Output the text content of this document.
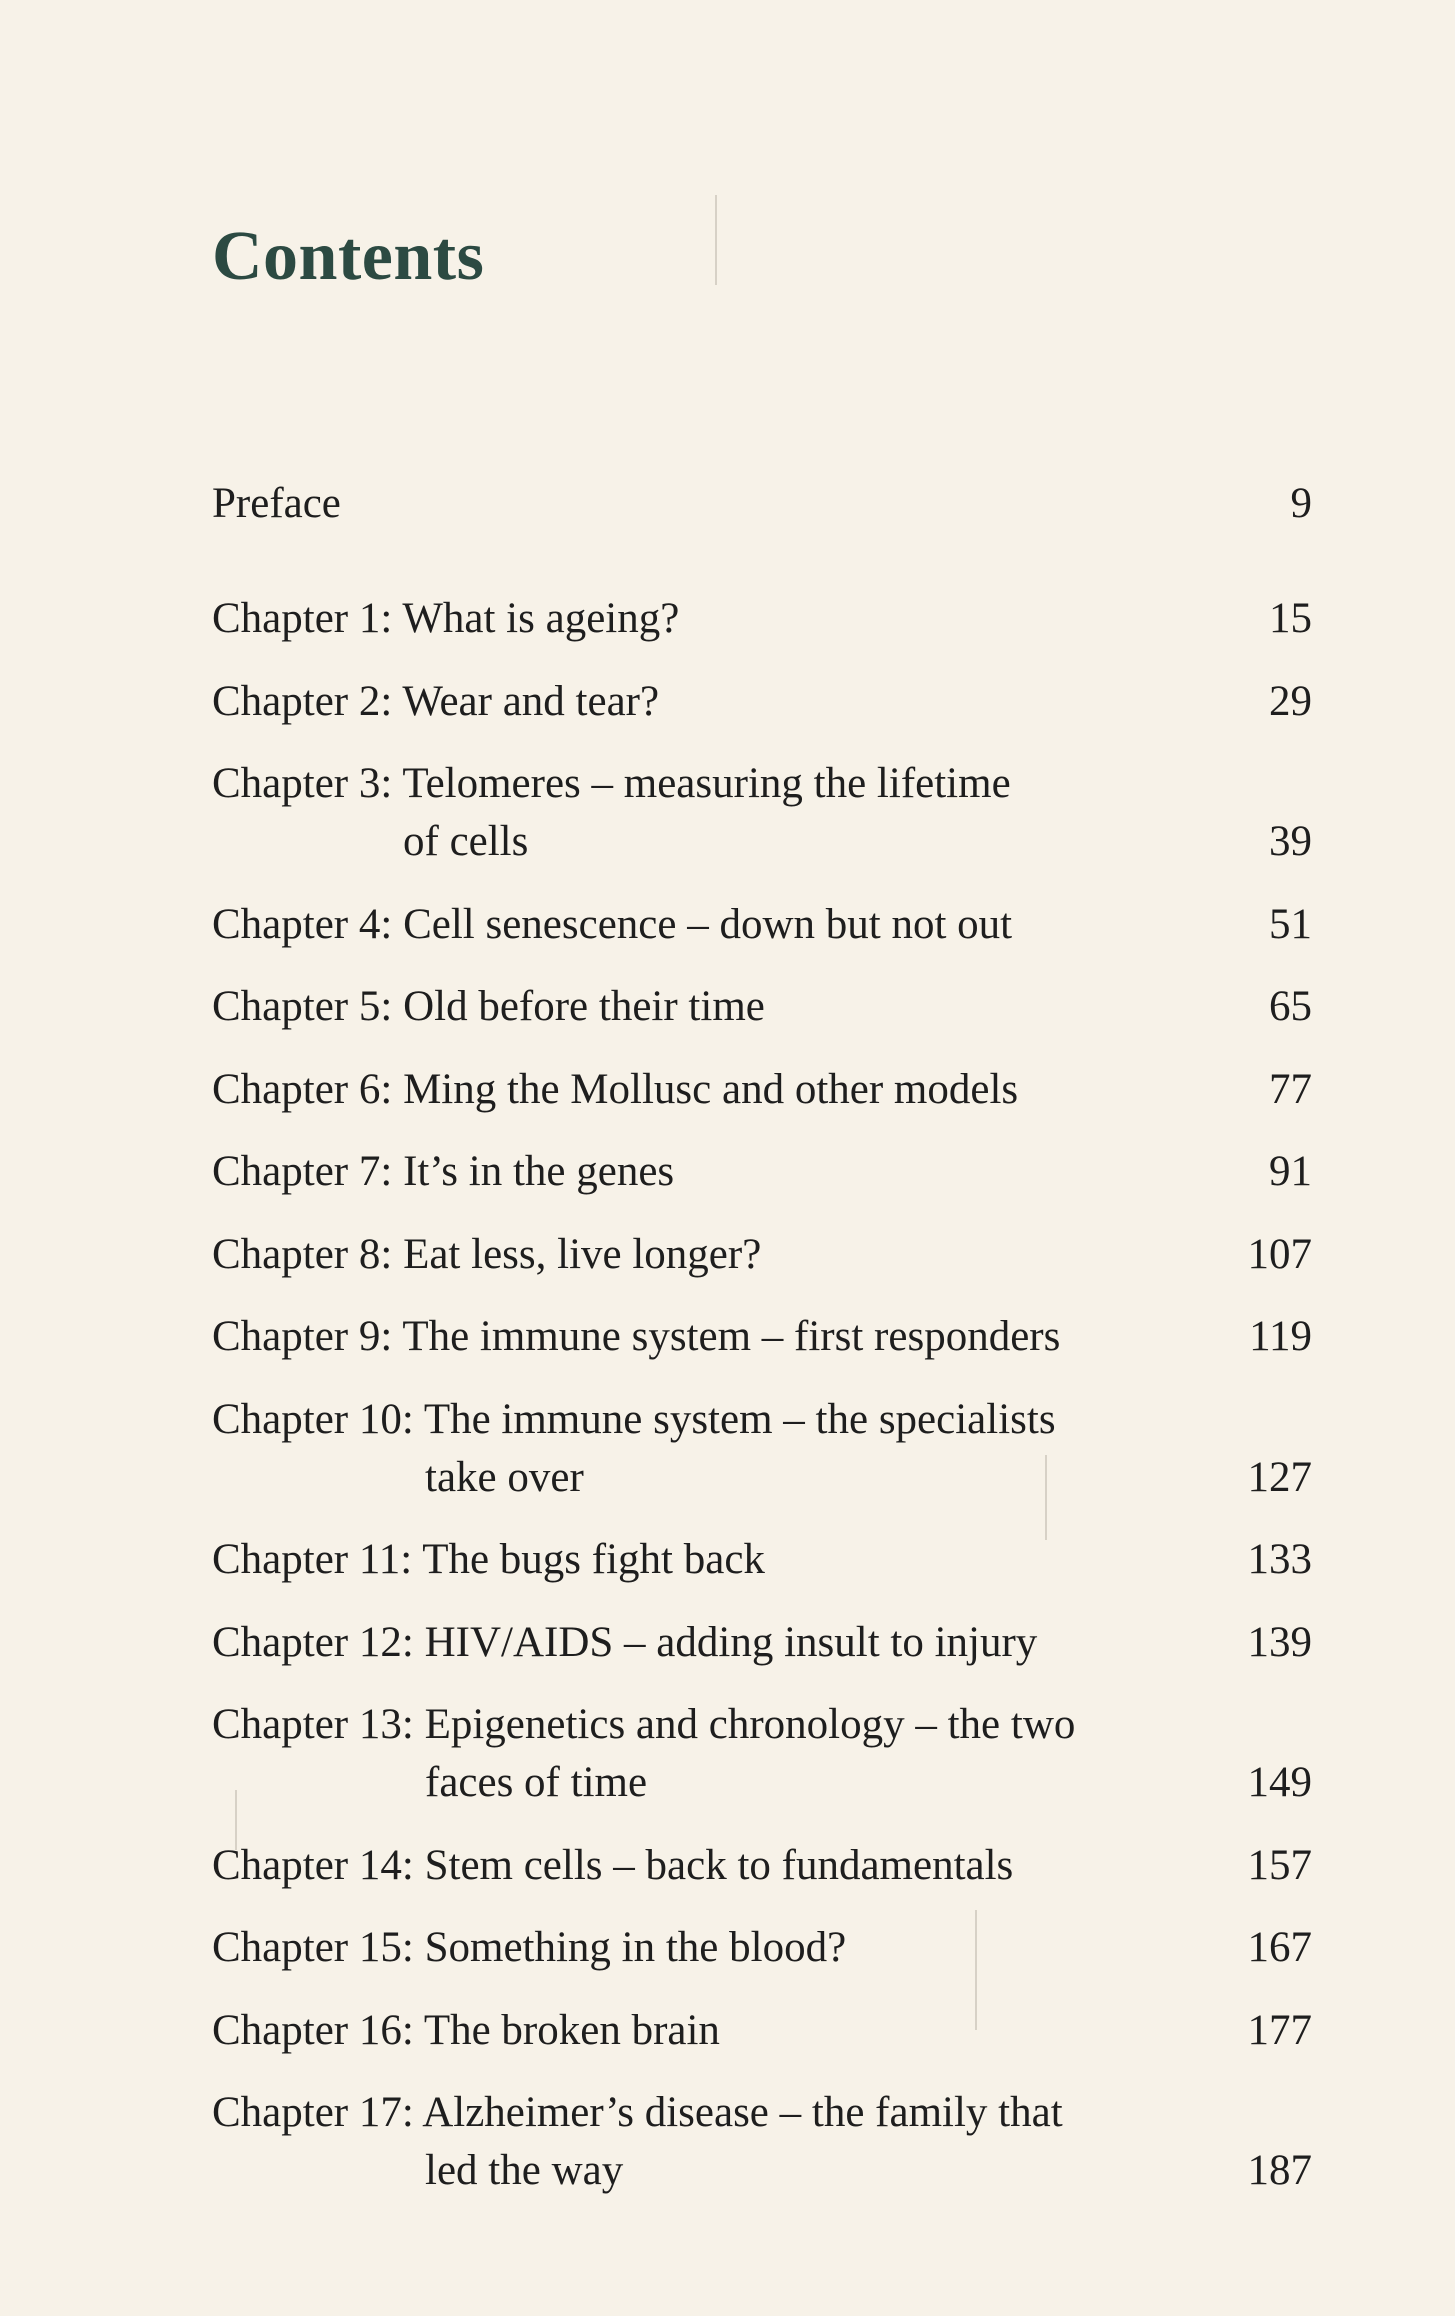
Contents
Preface	9
Chapter 1: What is ageing?	15
Chapter 2: Wear and tear?	29
Chapter 3: Telomeres – measuring the lifetime
of cells	39
Chapter 4: Cell senescence – down but not out	51
Chapter 5: Old before their time	65
Chapter 6: Ming the Mollusc and other models	77
Chapter 7: It’s in the genes	91
Chapter 8: Eat less, live longer?	107
Chapter 9: The immune system – first responders	119
Chapter 10: The immune system – the specialists
take over	127
Chapter 11: The bugs fight back	133
Chapter 12: HIV/AIDS – adding insult to injury	139
Chapter 13: Epigenetics and chronology – the two
faces of time	149
Chapter 14: Stem cells – back to fundamentals	157
Chapter 15: Something in the blood?	167
Chapter 16: The broken brain	177
Chapter 17: Alzheimer’s disease – the family that
led the way	187
